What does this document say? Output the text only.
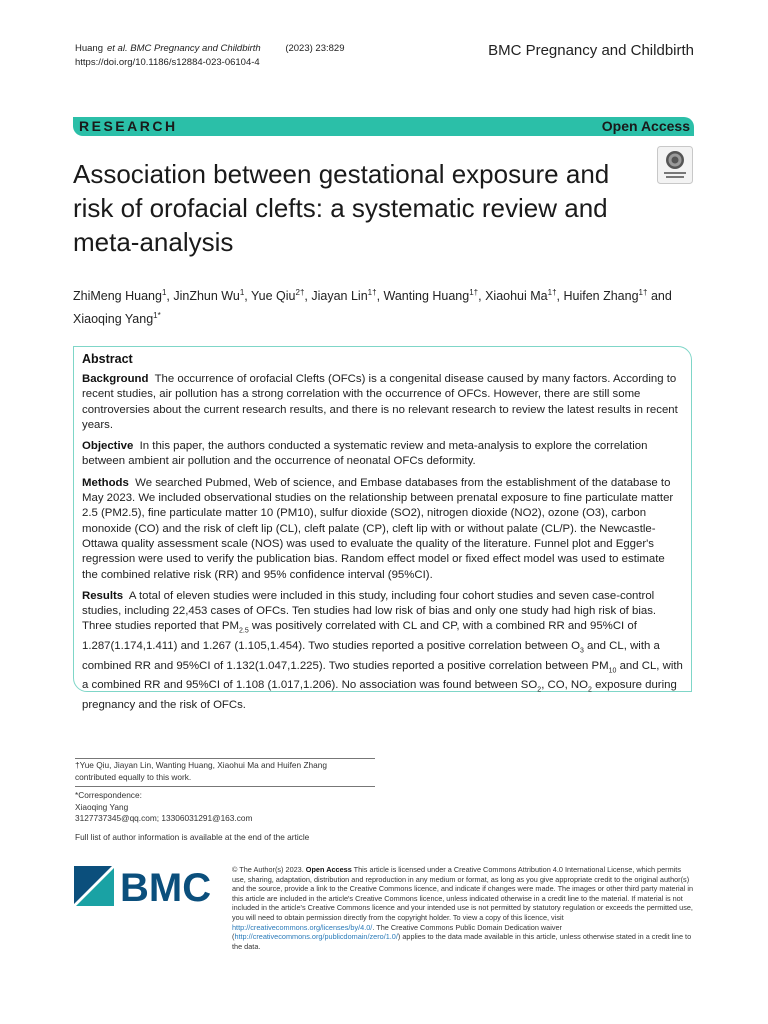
Huang et al. BMC Pregnancy and Childbirth	(2023) 23:829
https://doi.org/10.1186/s12884-023-06104-4
BMC Pregnancy and Childbirth
RESEARCH	Open Access
Association between gestational exposure and risk of orofacial clefts: a systematic review and meta-analysis
ZhiMeng Huang$^1$, JinZhun Wu$^1$, Yue Qiu$^{2\dagger}$, Jiayan Lin$^{1\dagger}$, Wanting Huang$^{1\dagger}$, Xiaohui $Ma^{1\dagger}$, Huifen Zhang$^{1\dagger}$ and Xiaoqing Yang$^{1*}$
Abstract

Background The occurrence of orofacial Clefts (OFCs) is a congenital disease caused by many factors. According to recent studies, air pollution has a strong correlation with the occurrence of OFCs. However, there are still some controversies about the current research results, and there is no relevant research to review the latest results in recent years.

Objective In this paper, the authors conducted a systematic review and meta-analysis to explore the correlation between ambient air pollution and the occurrence of neonatal OFCs deformity.

Methods We searched Pubmed, Web of science, and Embase databases from the establishment of the database to May 2023. We included observational studies on the relationship between prenatal exposure to fine particulate matter 2.5 (PM2.5), fine particulate matter 10 (PM10), sulfur dioxide (SO2), nitrogen dioxide (NO2), ozone (O3), carbon monoxide (CO) and the risk of cleft lip (CL), cleft palate (CP), cleft lip with or without palate (CL/P). the Newcastle-Ottawa quality assessment scale (NOS) was used to evaluate the quality of the literature. Funnel plot and Egger's regression were used to verify the publication bias. Random effect model or fixed effect model was used to estimate the combined relative risk (RR) and 95% confidence interval (95%CI).

Results A total of eleven studies were included in this study, including four cohort studies and seven case-control studies, including 22,453 cases of OFCs. Ten studies had low risk of bias and only one study had high risk of bias. Three studies reported that $PM_{2.5}$ was positively correlated with CL and CP, with a combined RR and 95%CI of 1.287(1.174,1.411) and 1.267 (1.105,1.454). Two studies reported a positive correlation between $O_3$ and CL, with a combined RR and 95%CI of 1.132(1.047,1.225). Two studies reported a positive correlation between $PM_{10}$ and CL, with a combined RR and 95%CI of 1.108 (1.017,1.206). No association was found between $SO_2$, CO, $NO_2$ exposure during pregnancy and the risk of OFCs.

†Yue Qiu, Jiayan Lin, Wanting Huang, Xiaohui Ma and Huifen Zhang
contributed equally to this work.
*Correspondence:
Xiaoqing Yang
3127737345@qq.com; 13306031291@163.com
Full list of author information is available at the end of the article
BMC	© The Author(s) 2023. Open Access This article is licensed under a Creative Commons Attribution 4.0 International License, which permits use, sharing, adaptation, distribution and reproduction in any medium or format, as long as you give appropriate credit to the original author(s) and the source, provide a link to the Creative Commons licence, and indicate if changes were made. The images or other third party material in this article are included in the article's Creative Commons licence, unless indicated otherwise in a credit line to the material. If material is not included in the article's Creative Commons licence and your intended use is not permitted by statutory regulation or exceeds the permitted use, you will need to obtain permission directly from the copyright holder. To view a copy of this licence, visit http://creativecommons.org/licenses/by/4.0/. The Creative Commons Public Domain Dedication waiver (http://creativecommons.org/publicdomain/zero/1.0/) applies to the data made available in this article, unless otherwise stated in a credit line to the data.
